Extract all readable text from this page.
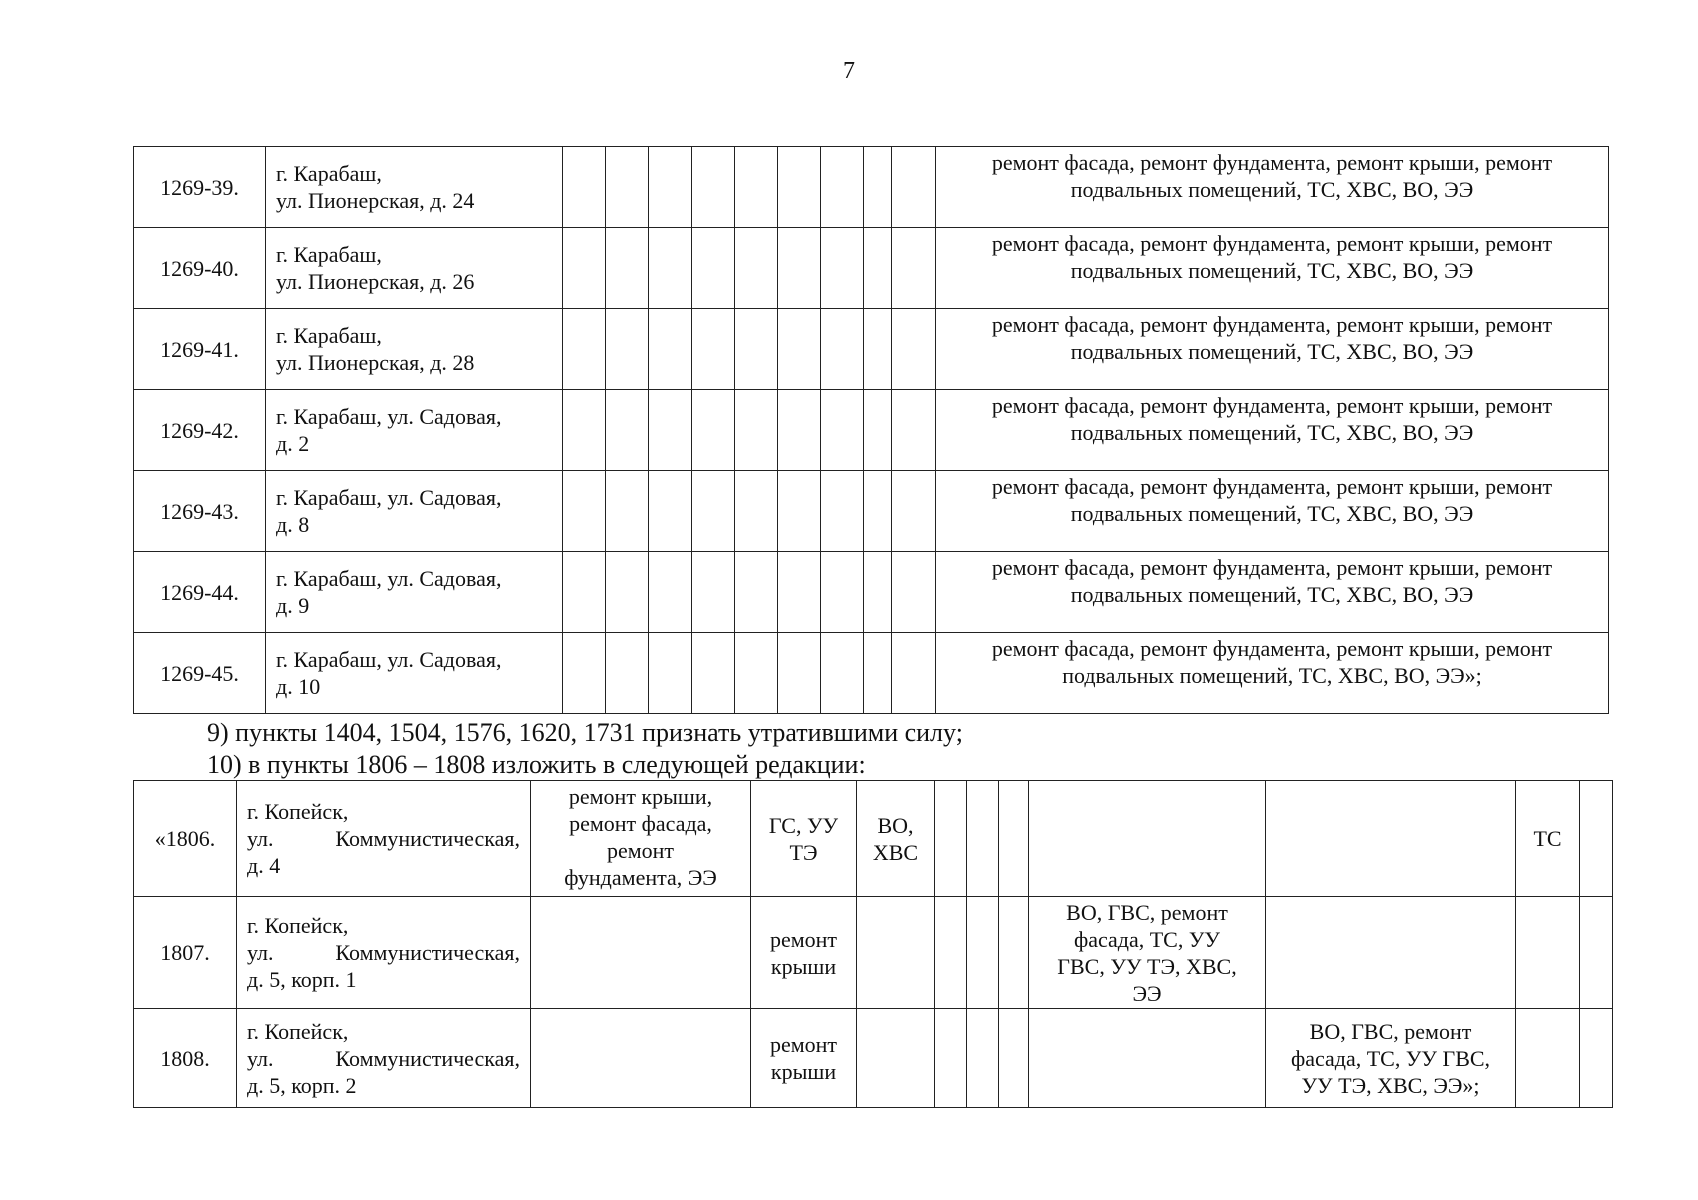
7
1269-39.	г. Карабаш,
ул. Пионерская, д. 24										ремонт фасада, ремонт фундамента, ремонт крыши, ремонт
подвальных помещений, ТС, ХВС, ВО, ЭЭ

1269-40.	г. Карабаш,
ул. Пионерская, д. 26										ремонт фасада, ремонт фундамента, ремонт крыши, ремонт
подвальных помещений, ТС, ХВС, ВО, ЭЭ

1269-41.	г. Карабаш,
ул. Пионерская, д. 28										ремонт фасада, ремонт фундамента, ремонт крыши, ремонт
подвальных помещений, ТС, ХВС, ВО, ЭЭ

1269-42.	г. Карабаш, ул. Садовая,
д. 2										ремонт фасада, ремонт фундамента, ремонт крыши, ремонт
подвальных помещений, ТС, ХВС, ВО, ЭЭ

1269-43.	г. Карабаш, ул. Садовая,
д. 8										ремонт фасада, ремонт фундамента, ремонт крыши, ремонт
подвальных помещений, ТС, ХВС, ВО, ЭЭ

1269-44.	г. Карабаш, ул. Садовая,
д. 9										ремонт фасада, ремонт фундамента, ремонт крыши, ремонт
подвальных помещений, ТС, ХВС, ВО, ЭЭ

1269-45.	г. Карабаш, ул. Садовая,
д. 10										ремонт фасада, ремонт фундамента, ремонт крыши, ремонт
подвальных помещений, ТС, ХВС, ВО, ЭЭ»;
9) пункты 1404, 1504, 1576, 1620, 1731 признать утратившими силу;
10) в пункты 1806 – 1808 изложить в следующей редакции:
«1806.	г. Копейск,
ул. Коммунистическая,
д. 4	ремонт крыши,
ремонт фасада,
ремонт
фундамента, ЭЭ	ГС, УУ
ТЭ	ВО,
ХВС						ТС	
1807.	г. Копейск,
ул. Коммунистическая,
д. 5, корп. 1		ремонт
крыши					ВО, ГВС, ремонт
фасада, ТС, УУ
ГВС, УУ ТЭ, ХВС,
ЭЭ			

1808.	г. Копейск,
ул. Коммунистическая,
д. 5, корп. 2		ремонт
крыши						ВО, ГВС, ремонт
фасада, ТС, УУ ГВС,
УУ ТЭ, ХВС, ЭЭ»;		
